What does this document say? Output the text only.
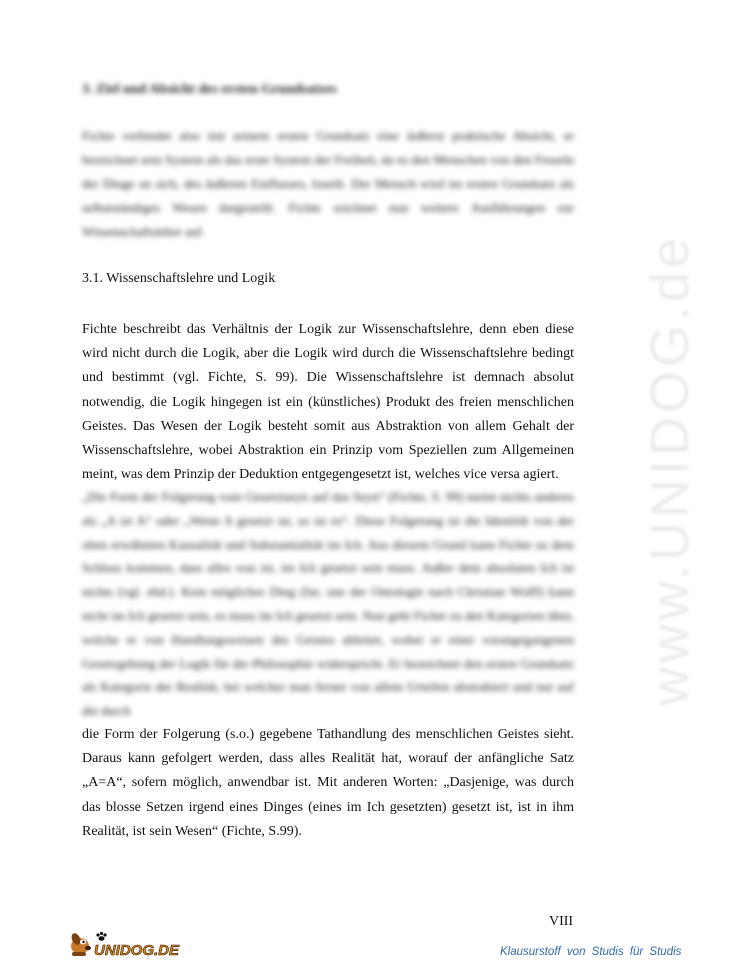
www.UNIDOG.de
3. Ziel und Absicht des ersten Grundsatzes
Fichte verbindet also mit seinem ersten Grundsatz eine äußerst praktische Absicht, er bezeichnet sein System als das erste System der Freiheit, da es den Menschen von den Fesseln der Dinge an sich, des äußeren Einflusses, loseilt. Der Mensch wird im ersten Grundsatz als selbstständiges Wesen dargestellt. Fichte zeichnet nun weitere Ausführungen zur Wissenschaftslehre auf.
3.1. Wissenschaftslehre und Logik
Fichte beschreibt das Verhältnis der Logik zur Wissenschaftslehre, denn eben diese wird nicht durch die Logik, aber die Logik wird durch die Wissenschaftslehre bedingt und bestimmt (vgl. Fichte, S. 99). Die Wissenschaftslehre ist demnach absolut notwendig, die Logik hingegen ist ein (künstliches) Produkt des freien menschlichen Geistes. Das Wesen der Logik besteht somit aus Abstraktion von allem Gehalt der Wissenschaftslehre, wobei Abstraktion ein Prinzip vom Speziellen zum Allgemeinen meint, was dem Prinzip der Deduktion entgegengesetzt ist, welches vice versa agiert.
„Die Form der Folgerung vom Gesetztseyn auf das Seyn“ (Fichte, S. 99) meint nichts anderes als „A ist A“ oder „Wenn A gesetzt ist, so ist es“. Diese Folgerung ist die Identität von der oben erwähnten Kausalität und Substantialität im Ich. Aus diesem Grund kann Fichte zu dem Schluss kommen, dass alles was ist, im Ich gesetzt sein muss. Außer dem absoluten Ich ist nichts (vgl. ebd.). Kein mögliches Ding (far, one der Ontologie nach Christian Wolff) kann nicht im Ich gesetzt sein, es muss im Ich gesetzt sein. Nun geht Fichte zu den Kategorien über, welche er von Handlungsweisen des Geistes ableitet, wobei er einer vorangegangenen Gesetzgebung der Logik für die Philosophie widerspricht. Er bezeichnet den ersten Grundsatz als Kategorie der Realität, bei welcher man ferner von allem Urteilen abstrahiert und nur auf die durch
die Form der Folgerung (s.o.) gegebene Tathandlung des menschlichen Geistes sieht. Daraus kann gefolgert werden, dass alles Realität hat, worauf der anfängliche Satz „A=A“, sofern möglich, anwendbar ist. Mit anderen Worten: „Dasjenige, was durch das blosse Setzen irgend eines Dinges (eines im Ich gesetzten) gesetzt ist, ist in ihm Realität, ist sein Wesen“ (Fichte, S.99).
VIII
UNIDOG.DE	Klausurstoff von Studis für Studis
